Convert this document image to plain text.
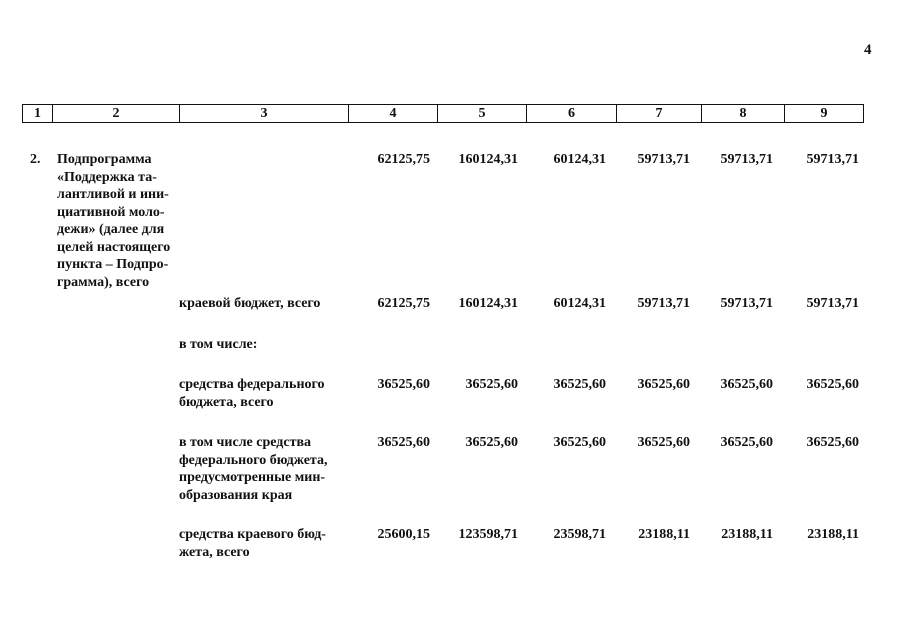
4
1	2	3	4	5	6	7	8	9
2.	Подпрограмма
«Поддержка та-
лантливой и ини-
циативной моло-
дежи» (далее для
целей настоящего
пункта – Подпро-
грамма), всего
62125,75	160124,31	60124,31	59713,71	59713,71	59713,71
краевой бюджет, всего	62125,75	160124,31	60124,31	59713,71	59713,71	59713,71
в том числе:
средства федерального
бюджета, всего
36525,60	36525,60	36525,60	36525,60	36525,60	36525,60
в том числе средства
федерального бюджета,
предусмотренные мин-
образования края
36525,60	36525,60	36525,60	36525,60	36525,60	36525,60
средства краевого бюд-
жета, всего
25600,15	123598,71	23598,71	23188,11	23188,11	23188,11
